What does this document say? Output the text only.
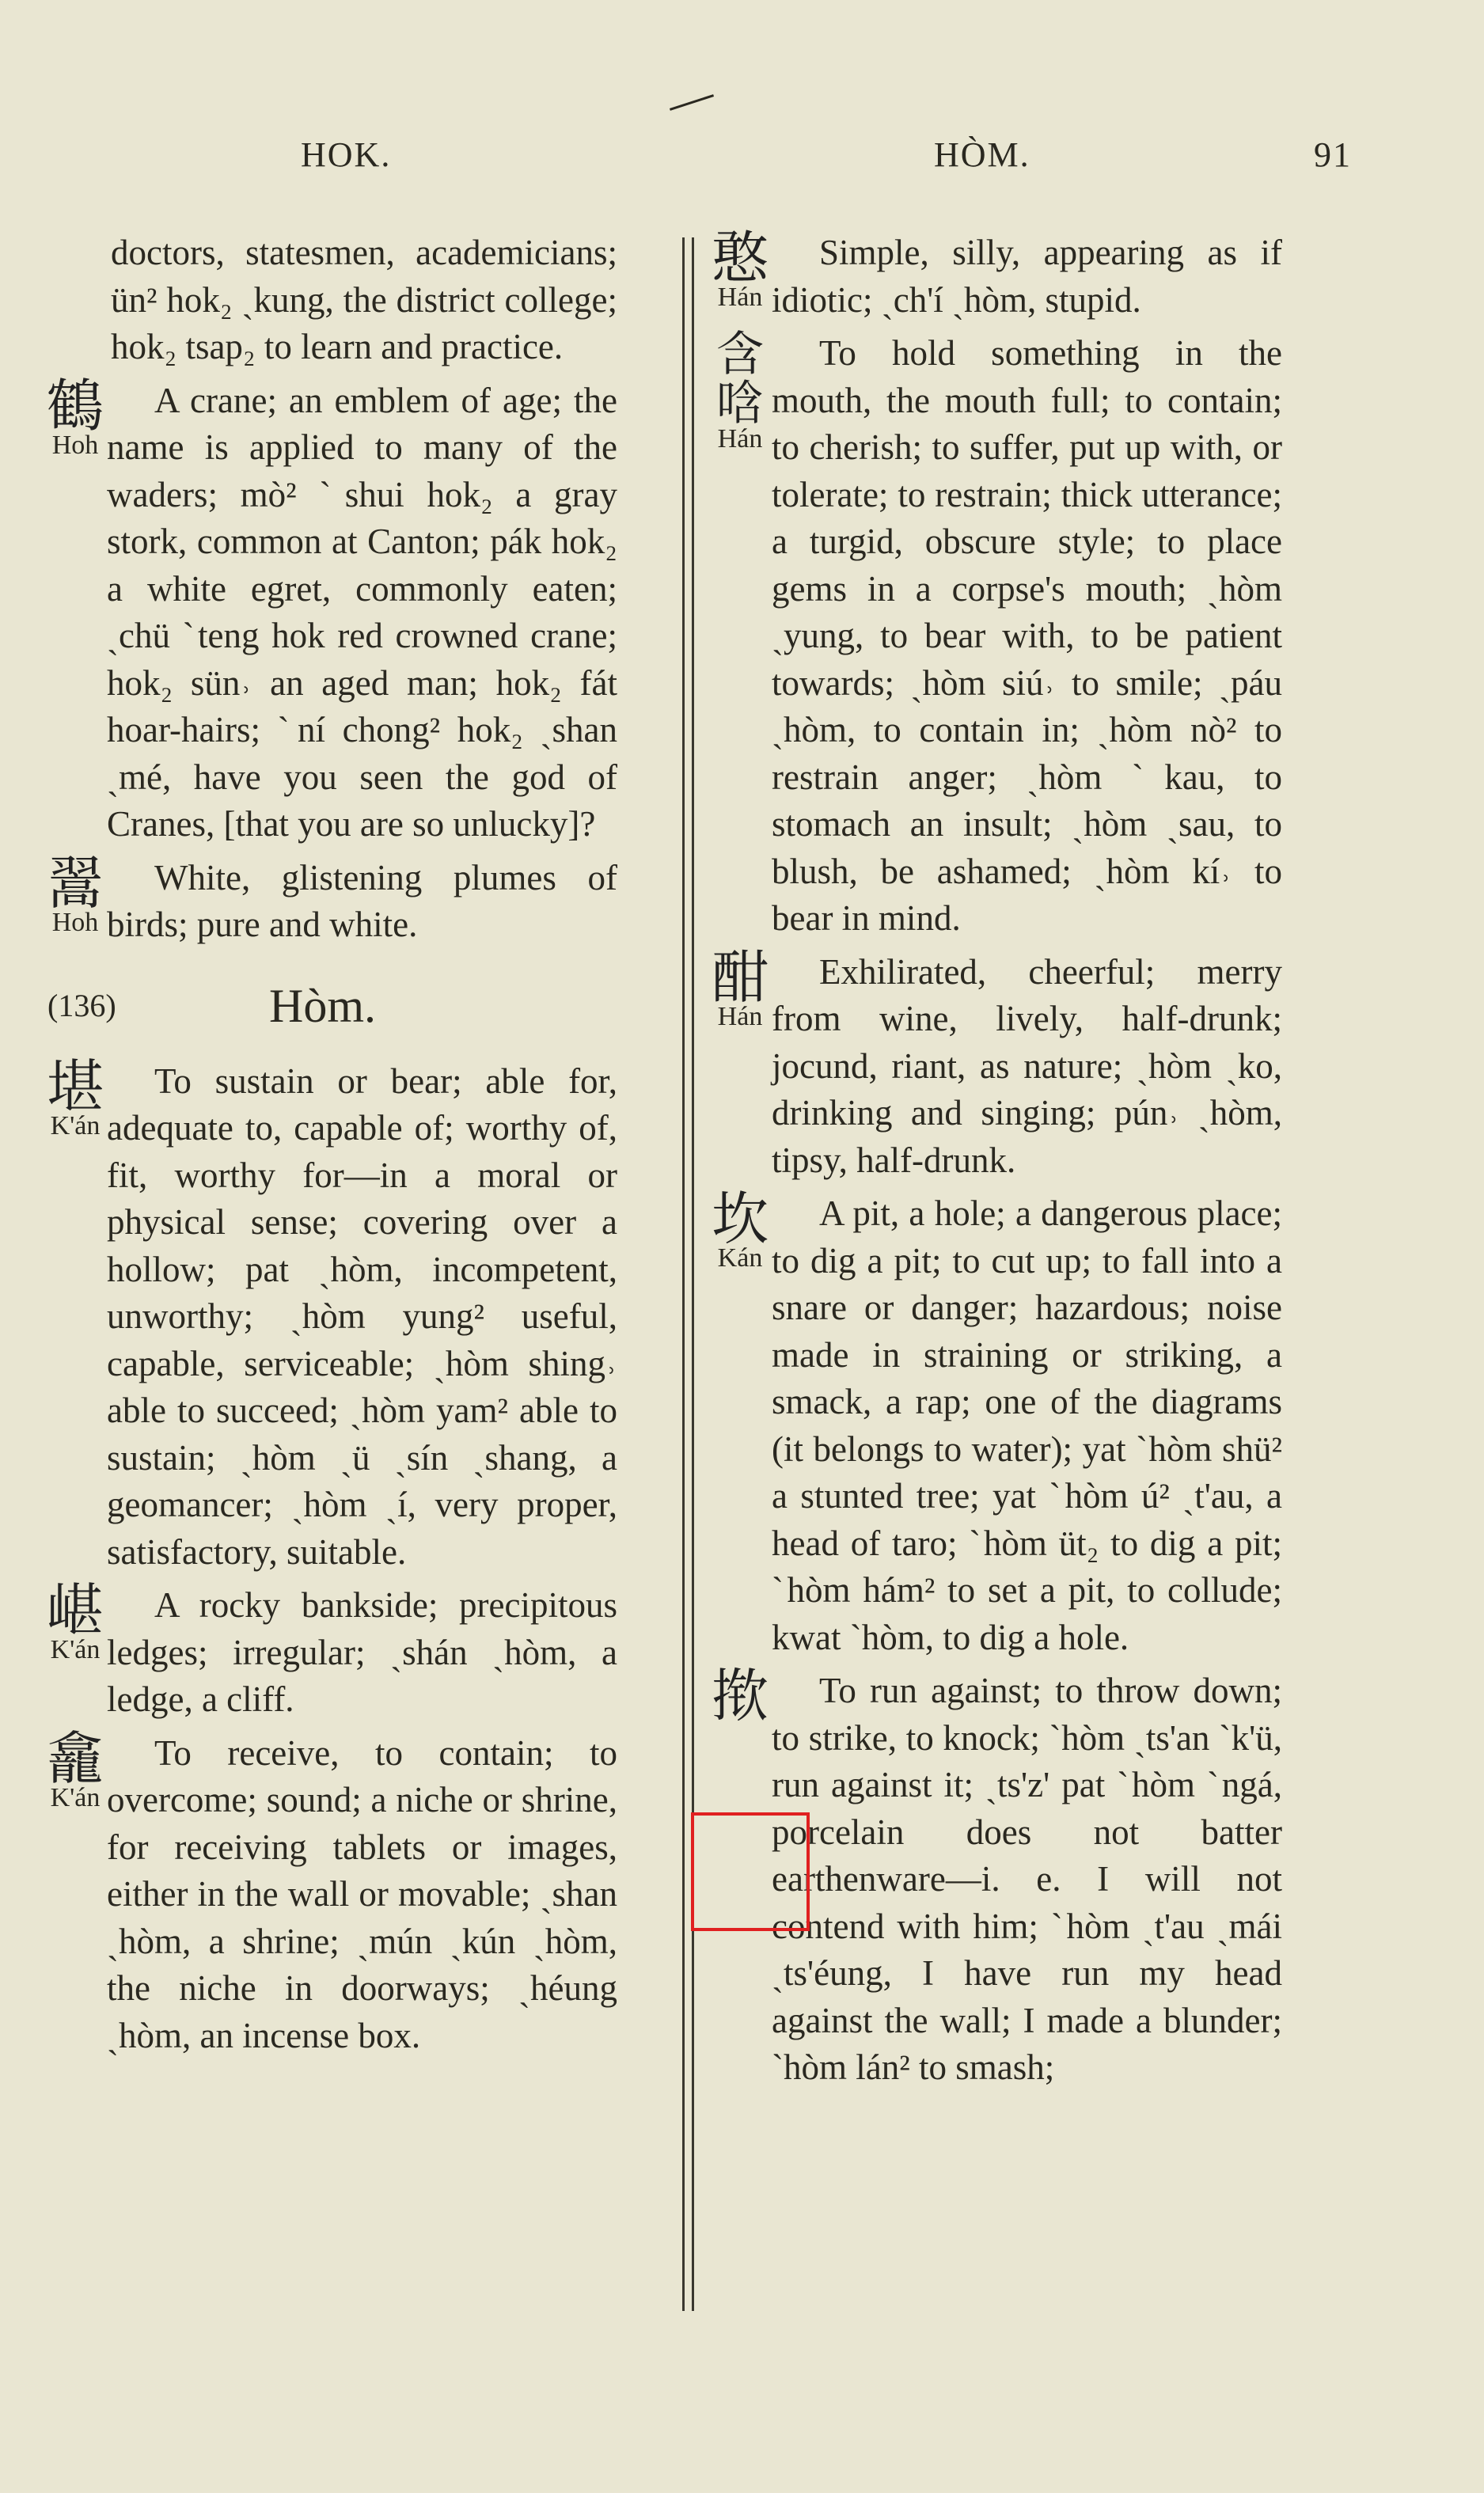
HOK.	HÒM.	91
doctors, statesmen, academicians; ün² hok₂ ˏkung, the district college; hok₂ tsap₂ to learn and practice.
鶴
Hoh
A crane; an emblem of age; the name is applied to many of the waders; mò² ˋshui hok₂ a gray stork, common at Canton; pák hok₂ a white egret, commonly eaten; ˏchü ˋteng hok red crowned crane; hok₂ sün˒ an aged man; hok₂ fát hoar-hairs; ˋní chong² hok₂ ˏshan ˏmé, have you seen the god of Cranes, [that you are so unlucky]?
翯
Hoh
White, glistening plumes of birds; pure and white.
(136)	Hòm.
堪
K'án
To sustain or bear; able for, adequate to, capable of; worthy of, fit, worthy for—in a moral or physical sense; covering over a hollow; pat ˏhòm, incompetent, unworthy; ˏhòm yung² useful, capable, serviceable; ˏhòm shing˒ able to succeed; ˏhòm yam² able to sustain; ˏhòm ˏü ˏsín ˏshang, a geomancer; ˏhòm ˏí, very proper, satisfactory, suitable.
嵁
K'án
A rocky bankside; precipitous ledges; irregular; ˏshán ˏhòm, a ledge, a cliff.
龕
K'án
To receive, to contain; to overcome; sound; a niche or shrine, for receiving tablets or images, either in the wall or movable; ˏshan ˏhòm, a shrine; ˏmún ˏkún ˏhòm, the niche in doorways; ˏhéung ˏhòm, an incense box.
憨
Hán
Simple, silly, appearing as if idiotic; ˏch'í ˏhòm, stupid.
含 唅
Hán
To hold something in the mouth, the mouth full; to contain; to cherish; to suffer, put up with, or tolerate; to restrain; thick utterance; a turgid, obscure style; to place gems in a corpse's mouth; ˏhòm ˏyung, to bear with, to be patient towards; ˏhòm siú˒ to smile; ˏpáu ˏhòm, to contain in; ˏhòm nò² to restrain anger; ˏhòm ˋkau, to stomach an insult; ˏhòm ˏsau, to blush, be ashamed; ˏhòm kí˒ to bear in mind.
酣
Hán
Exhilirated, cheerful; merry from wine, lively, half-drunk; jocund, riant, as nature; ˏhòm ˏko, drinking and singing; pún˒ ˏhòm, tipsy, half-drunk.
坎
Kán
A pit, a hole; a dangerous place; to dig a pit; to cut up; to fall into a snare or danger; hazardous; noise made in straining or striking, a smack, a rap; one of the diagrams (it belongs to water); yat ˋhòm shü² a stunted tree; yat ˋhòm ú² ˏt'au, a head of taro; ˋhòm üt₂ to dig a pit; ˋhòm hám² to set a pit, to collude; kwat ˋhòm, to dig a hole.
揿	To run against; to throw down; to strike, to knock; ˋhòm ˏts'an ˋk'ü, run against it; ˏts'z' pat ˋhòm ˋngá, porcelain does not batter earthenware—i. e. I will not contend with him; ˋhòm ˏt'au ˏmái ˏts'éung, I have run my head against the wall; I made a blunder; ˋhòm lán² to smash;
